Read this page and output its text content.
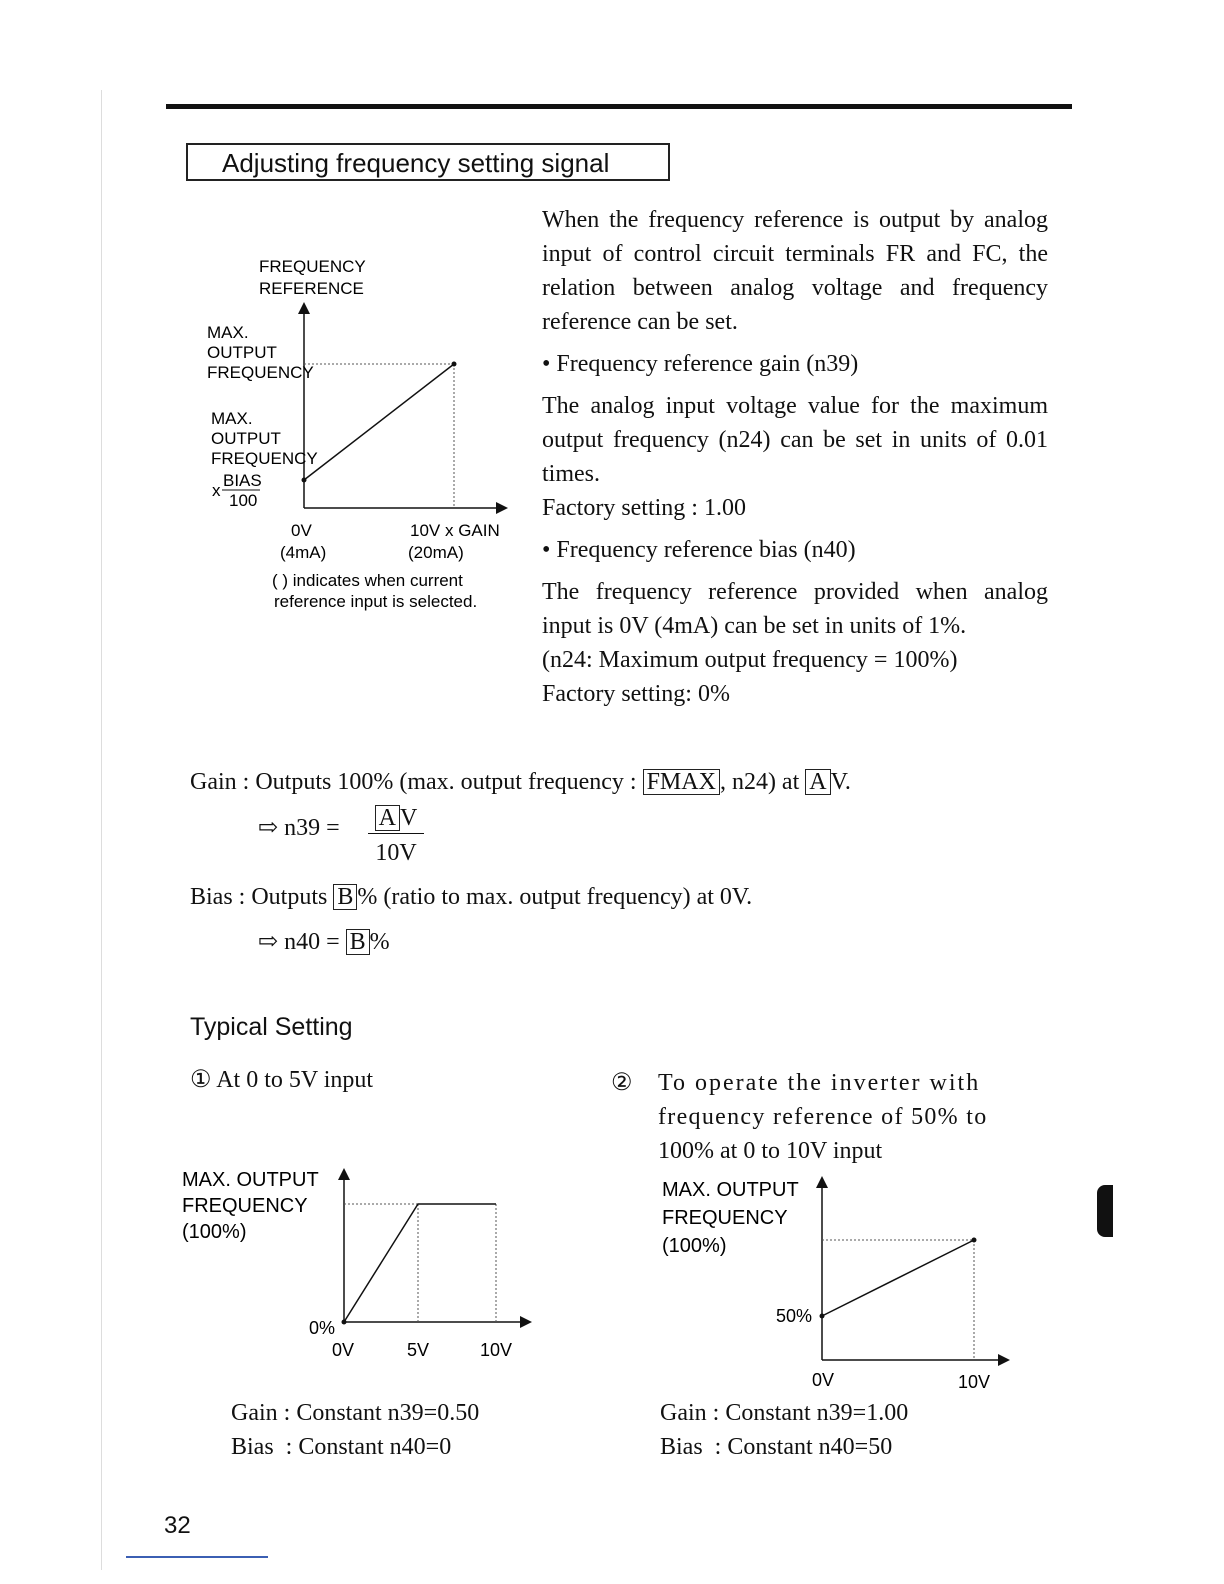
Adjusting frequency setting signal
FREQUENCY
REFERENCE
MAX.
OUTPUT
FREQUENCY
MAX.
OUTPUT
FREQUENCY
x
BIAS
100
0V
(4mA)
10V x GAIN
(20mA)
( ) indicates when current
reference input is selected.

When the frequency reference is output by analog input of control circuit terminals FR and FC, the relation between analog voltage and frequency reference can be set.

• Frequency reference gain (n39)

The analog input voltage value for the maximum output frequency (n24) can be set in units of 0.01 times.

Factory setting : 1.00

• Frequency reference bias (n40)

The frequency reference provided when analog input is 0V (4mA) can be set in units of 1%.

(n24: Maximum output frequency = 100%)

Factory setting: 0%

Gain : Outputs 100% (max. output frequency : FMAX , n24) at A V.
⇨ n39 =	A V
10V
Bias : Outputs B % (ratio to max. output frequency) at 0V.
⇨ n40 = B %
Typical Setting
① At 0 to 5V input	② To operate the inverter with
frequency reference of 50% to
100% at 0 to 10V input
MAX. OUTPUT
FREQUENCY
(100%)
0%
0V	5V	10V
MAX. OUTPUT
FREQUENCY
(100%)
50%
0V	10V
Gain : Constant n39=0.50
Bias  : Constant n40=0
Gain : Constant n39=1.00
Bias  : Constant n40=50
32
